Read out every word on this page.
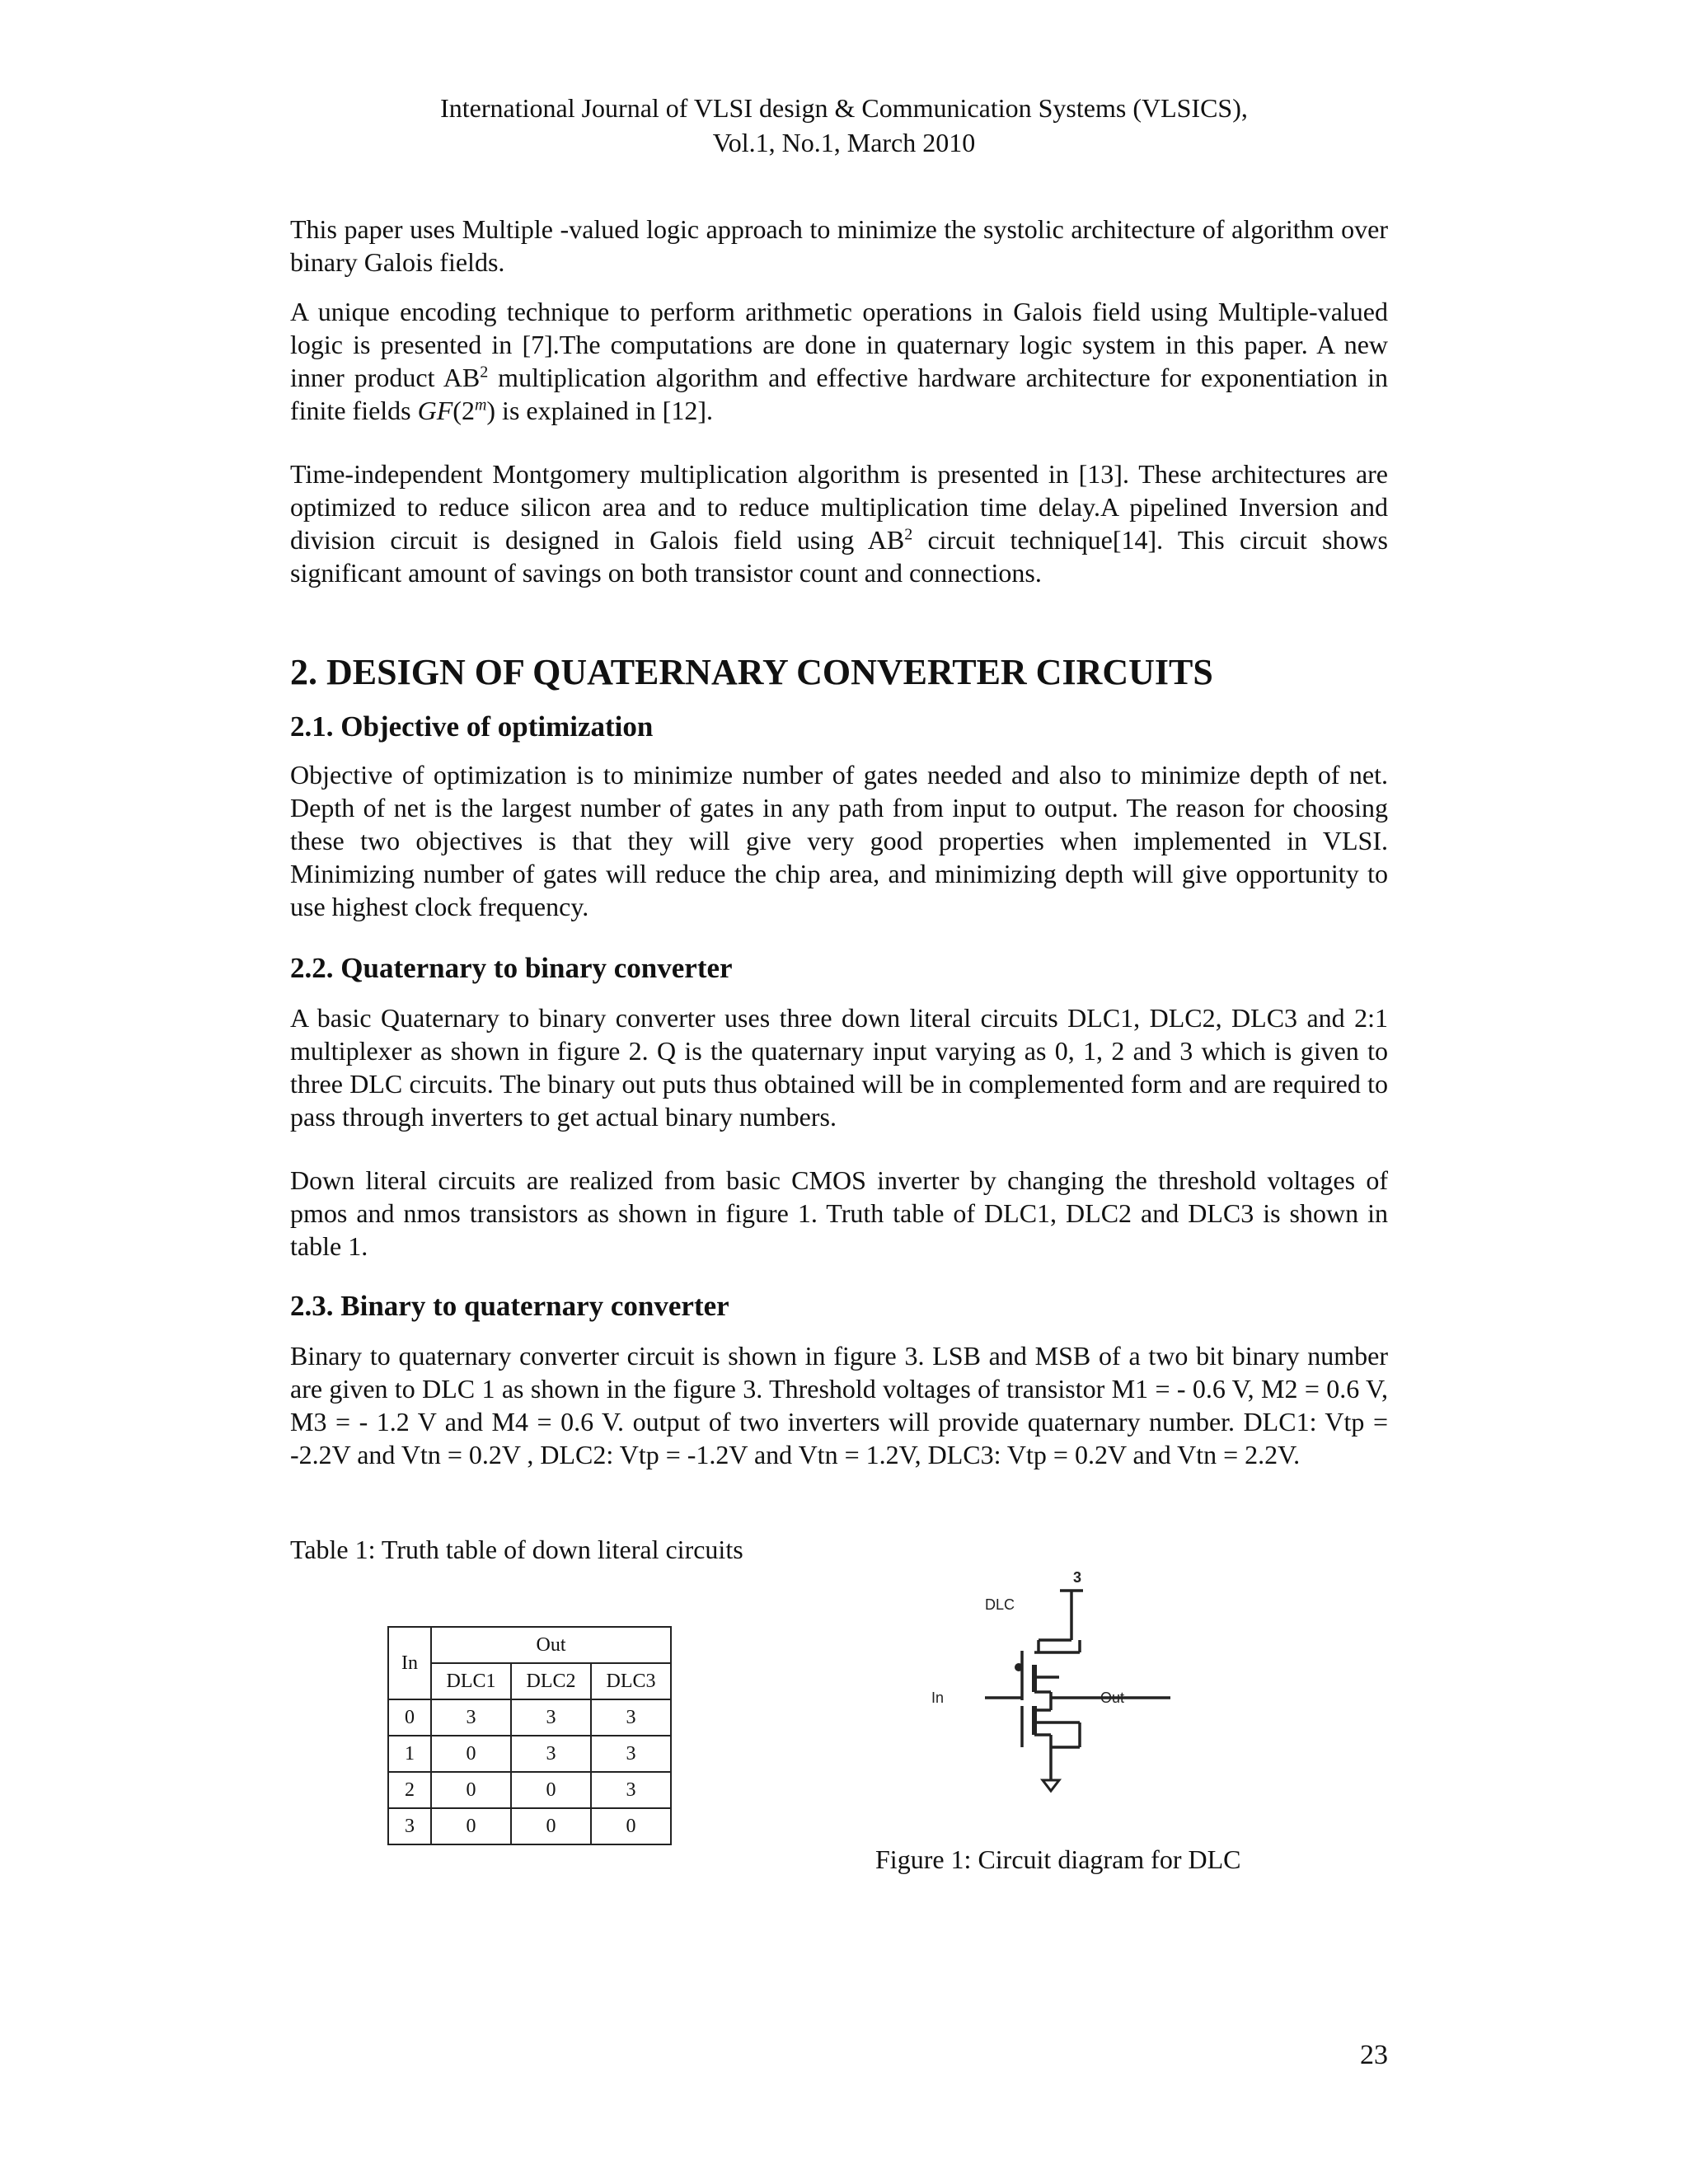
International Journal of VLSI design & Communication Systems (VLSICS),
Vol.1, No.1, March 2010

This paper uses Multiple -valued logic approach to minimize the systolic architecture of algorithm over binary Galois fields.

A unique encoding technique to perform arithmetic operations in Galois field using Multiple-valued logic is presented in [7].The computations are done in quaternary logic system in this paper. A new inner product $AB^2$ multiplication algorithm and effective hardware architecture for exponentiation in finite fields GF(2$^m$) is explained in [12].

Time-independent Montgomery multiplication algorithm is presented in [13]. These architectures are optimized to reduce silicon area and to reduce multiplication time delay.A pipelined Inversion and division circuit is designed in Galois field using $AB^2$ circuit technique[14]. This circuit shows significant amount of savings on both transistor count and connections.

2. DESIGN OF QUATERNARY CONVERTER CIRCUITS
2.1. Objective of optimization

Objective of optimization is to minimize number of gates needed and also to minimize depth of net. Depth of net is the largest number of gates in any path from input to output. The reason for choosing these two objectives is that they will give very good properties when implemented in VLSI. Minimizing number of gates will reduce the chip area, and minimizing depth will give opportunity to use highest clock frequency.

2.2. Quaternary to binary converter

A basic Quaternary to binary converter uses three down literal circuits DLC1, DLC2, DLC3 and 2:1 multiplexer as shown in figure 2. Q is the quaternary input varying as 0, 1, 2 and 3 which is given to three DLC circuits. The binary out puts thus obtained will be in complemented form and are required to pass through inverters to get actual binary numbers.

Down literal circuits are realized from basic CMOS inverter by changing the threshold voltages of pmos and nmos transistors as shown in figure 1. Truth table of DLC1, DLC2 and DLC3 is shown in table 1.

2.3. Binary to quaternary converter

Binary to quaternary converter circuit is shown in figure 3. LSB and MSB of a two bit binary number are given to DLC 1 as shown in the figure 3. Threshold voltages of transistor M1 = - 0.6 V, M2 = 0.6 V, M3 = - 1.2 V and M4 = 0.6 V. output of two inverters will provide quaternary number. DLC1: Vtp = -2.2V and Vtn = 0.2V , DLC2: Vtp = -1.2V and Vtn = 1.2V, DLC3: Vtp = 0.2V and Vtn = 2.2V.

Table 1: Truth table of down literal circuits

In	Out		
	DLC1	DLC2	DLC3
0	3	3	3
1	0	3	3
2	0	0	3
3	0	0	0
3
DLC
In	Out
Figure 1: Circuit diagram for DLC
23
